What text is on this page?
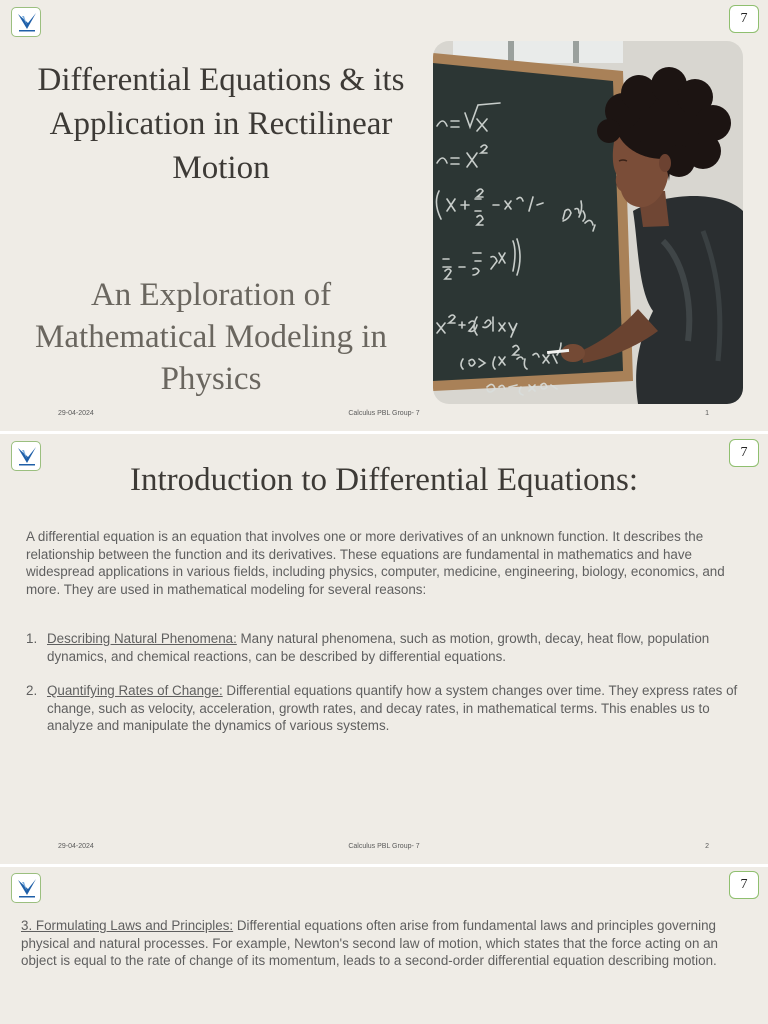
7
Differential Equations & its Application in Rectilinear Motion
An Exploration of Mathematical Modeling in Physics
29-04-2024	Calculus PBL Group- 7	1
7
Introduction to Differential Equations:

A differential equation is an equation that involves one or more derivatives of an unknown function. It describes the relationship between the function and its derivatives. These equations are fundamental in mathematics and have widespread applications in various fields, including physics, computer, medicine, engineering, biology, economics, and more. They are used in mathematical modeling for several reasons:

1. Describing Natural Phenomena: Many natural phenomena, such as motion, growth, decay, heat flow, population dynamics, and chemical reactions, can be described by differential equations.
2. Quantifying Rates of Change: Differential equations quantify how a system changes over time. They express rates of change, such as velocity, acceleration, growth rates, and decay rates, in mathematical terms. This enables us to analyze and manipulate the dynamics of various systems.
29-04-2024	Calculus PBL Group- 7	2
7

3. Formulating Laws and Principles: Differential equations often arise from fundamental laws and principles governing physical and natural processes. For example, Newton's second law of motion, which states that the force acting on an object is equal to the rate of change of its momentum, leads to a second-order differential equation describing motion.
